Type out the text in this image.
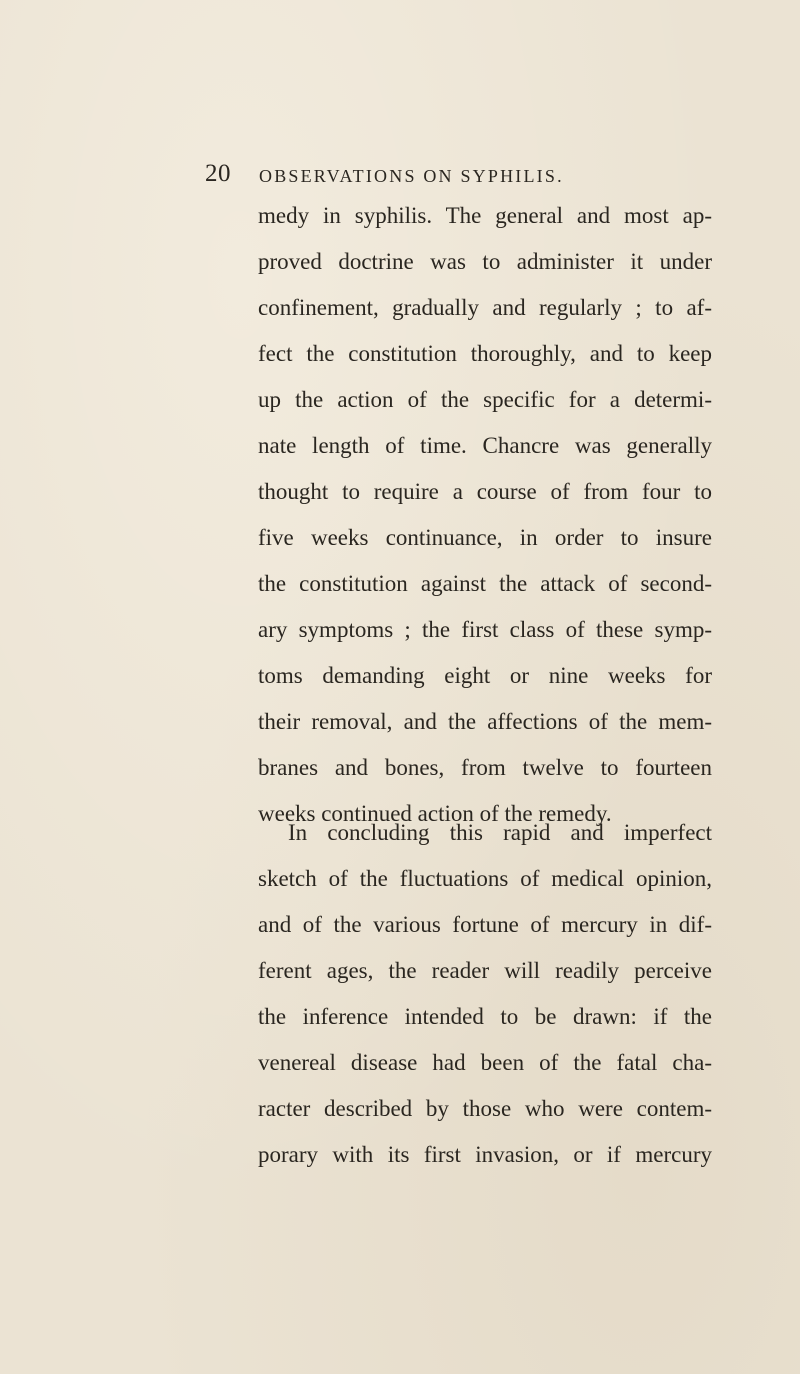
20 OBSERVATIONS ON SYPHILIS.
medy in syphilis. The general and most ap-
proved doctrine was to administer it under
confinement, gradually and regularly ; to af-
fect the constitution thoroughly, and to keep
up the action of the specific for a determi-
nate length of time. Chancre was generally
thought to require a course of from four to
five weeks continuance, in order to insure
the constitution against the attack of second-
ary symptoms ; the first class of these symp-
toms demanding eight or nine weeks for
their removal, and the affections of the mem-
branes and bones, from twelve to fourteen
weeks continued action of the remedy.
In concluding this rapid and imperfect
sketch of the fluctuations of medical opinion,
and of the various fortune of mercury in dif-
ferent ages, the reader will readily perceive
the inference intended to be drawn: if the
venereal disease had been of the fatal cha-
racter described by those who were contem-
porary with its first invasion, or if mercury
